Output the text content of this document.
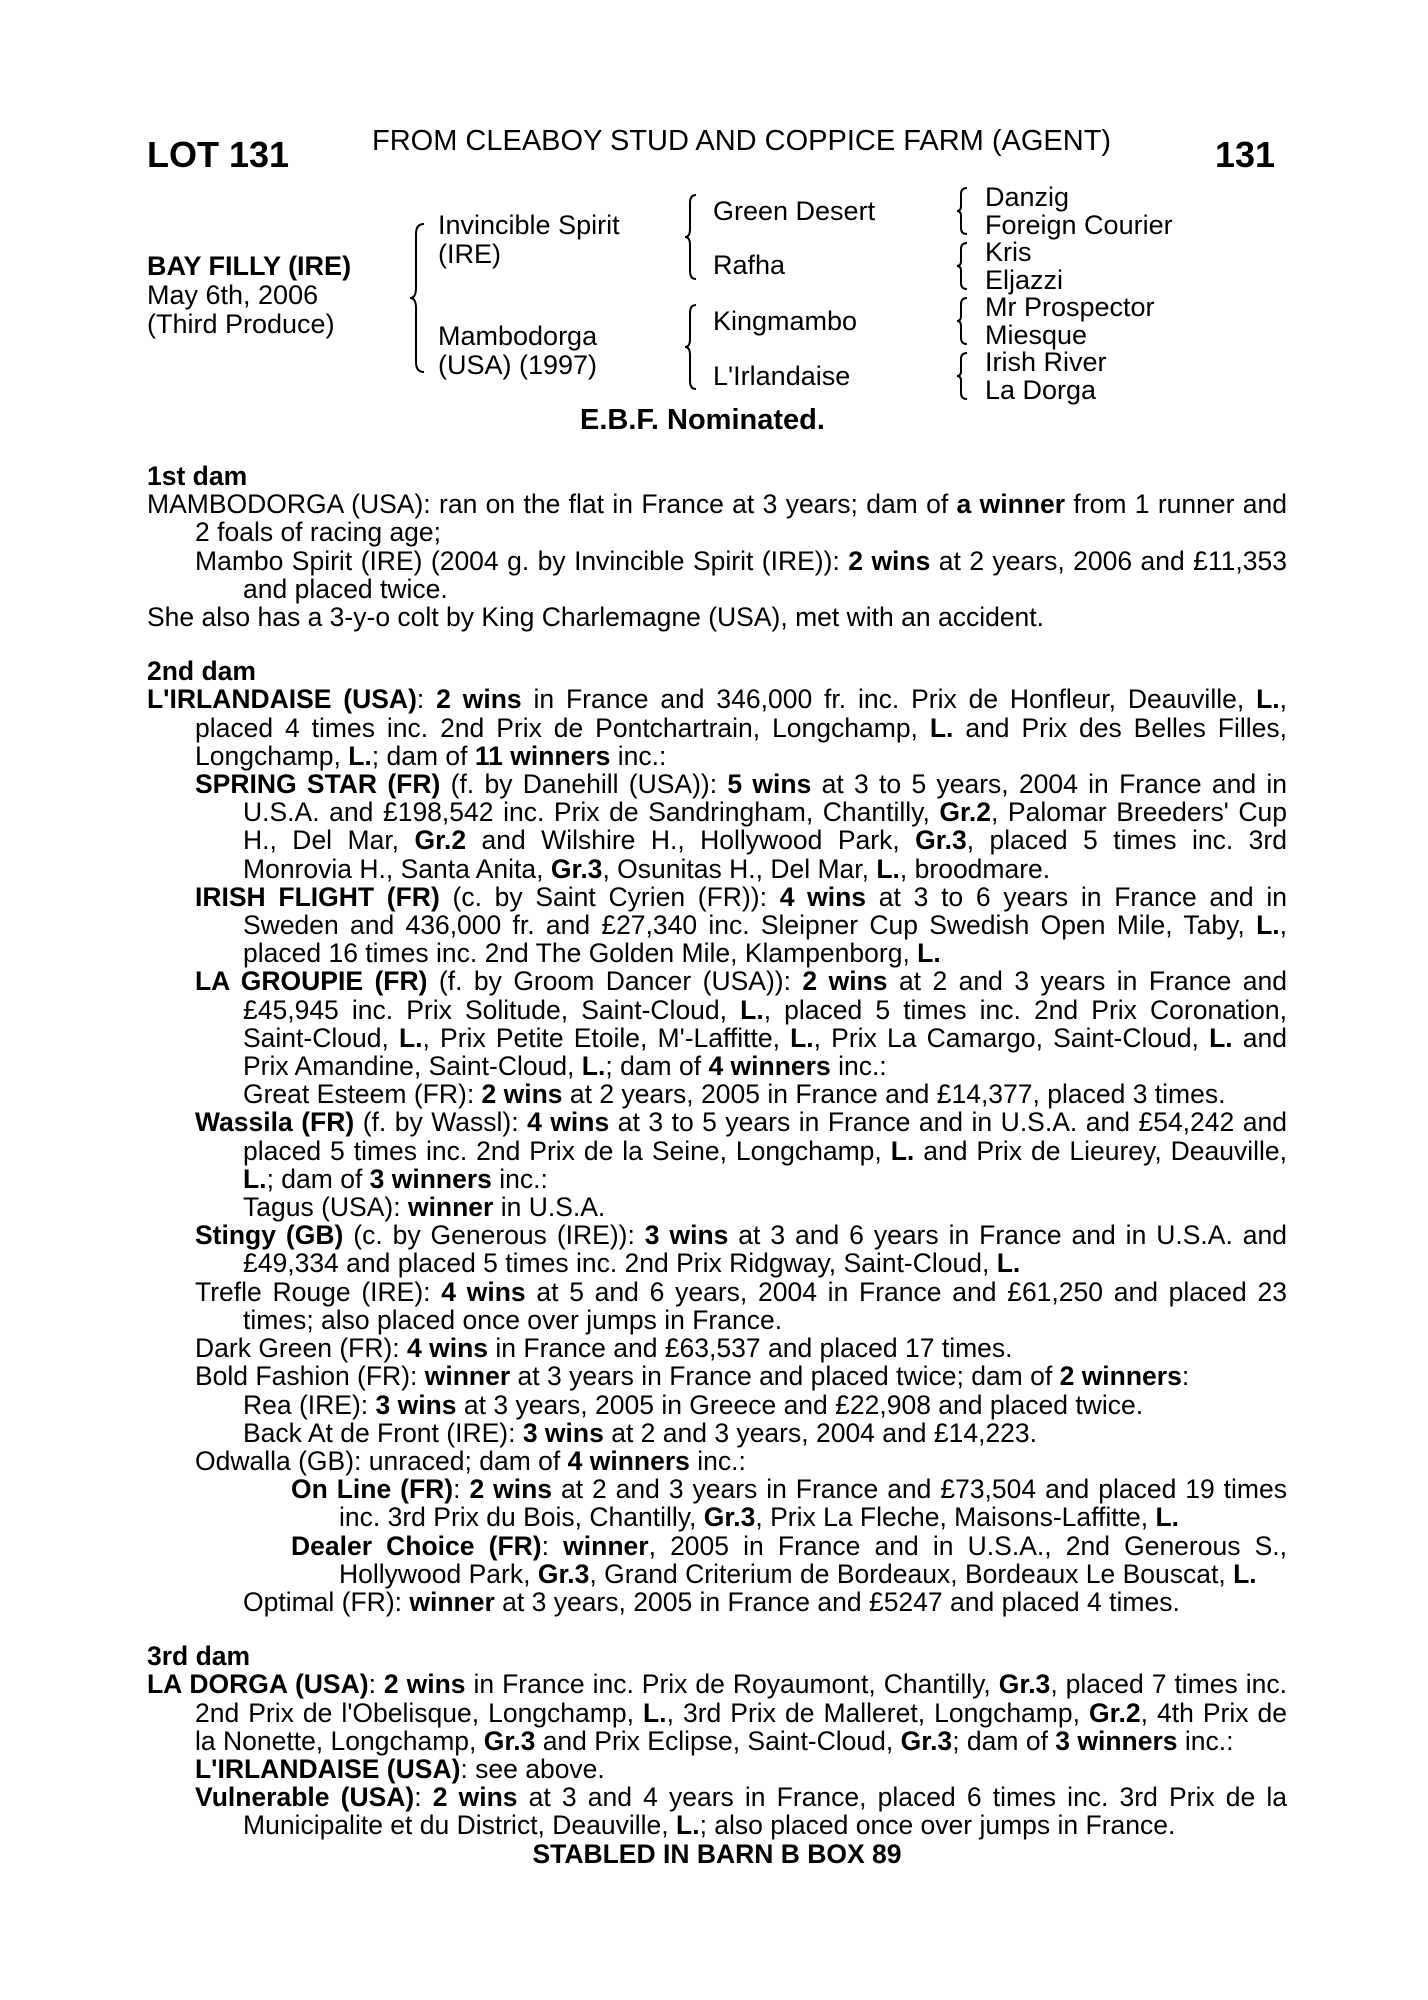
LOT 131	FROM CLEABOY STUD AND COPPICE FARM (AGENT)	131
BAY FILLY (IRE)
May 6th, 2006
(Third Produce)
Invincible Spirit
(IRE)
Mambodorga
(USA) (1997)
Green Desert
Rafha
Kingmambo
L'Irlandaise
Danzig
Foreign Courier
Kris
Eljazzi
Mr Prospector
Miesque
Irish River
La Dorga
E.B.F. Nominated.

1st dam

MAMBODORGA (USA): ran on the flat in France at 3 years; dam of a winner from 1 runner and 2 foals of racing age;

Mambo Spirit (IRE) (2004 g. by Invincible Spirit (IRE)): 2 wins at 2 years, 2006 and £11,353 and placed twice.

She also has a 3-y-o colt by King Charlemagne (USA), met with an accident.

2nd dam

L'IRLANDAISE (USA): 2 wins in France and 346,000 fr. inc. Prix de Honfleur, Deauville, L., placed 4 times inc. 2nd Prix de Pontchartrain, Longchamp, L. and Prix des Belles Filles, Longchamp, L.; dam of 11 winners inc.:

SPRING STAR (FR) (f. by Danehill (USA)): 5 wins at 3 to 5 years, 2004 in France and in U.S.A. and £198,542 inc. Prix de Sandringham, Chantilly, Gr.2, Palomar Breeders' Cup H., Del Mar, Gr.2 and Wilshire H., Hollywood Park, Gr.3, placed 5 times inc. 3rd Monrovia H., Santa Anita, Gr.3, Osunitas H., Del Mar, L., broodmare.

IRISH FLIGHT (FR) (c. by Saint Cyrien (FR)): 4 wins at 3 to 6 years in France and in Sweden and 436,000 fr. and £27,340 inc. Sleipner Cup Swedish Open Mile, Taby, L., placed 16 times inc. 2nd The Golden Mile, Klampenborg, L.

LA GROUPIE (FR) (f. by Groom Dancer (USA)): 2 wins at 2 and 3 years in France and £45,945 inc. Prix Solitude, Saint-Cloud, L., placed 5 times inc. 2nd Prix Coronation, Saint-Cloud, L., Prix Petite Etoile, M'-Laffitte, L., Prix La Camargo, Saint-Cloud, L. and Prix Amandine, Saint-Cloud, L.; dam of 4 winners inc.:

Great Esteem (FR): 2 wins at 2 years, 2005 in France and £14,377, placed 3 times.

Wassila (FR) (f. by Wassl): 4 wins at 3 to 5 years in France and in U.S.A. and £54,242 and placed 5 times inc. 2nd Prix de la Seine, Longchamp, L. and Prix de Lieurey, Deauville, L.; dam of 3 winners inc.:

Tagus (USA): winner in U.S.A.

Stingy (GB) (c. by Generous (IRE)): 3 wins at 3 and 6 years in France and in U.S.A. and £49,334 and placed 5 times inc. 2nd Prix Ridgway, Saint-Cloud, L.

Trefle Rouge (IRE): 4 wins at 5 and 6 years, 2004 in France and £61,250 and placed 23 times; also placed once over jumps in France.

Dark Green (FR): 4 wins in France and £63,537 and placed 17 times.

Bold Fashion (FR): winner at 3 years in France and placed twice; dam of 2 winners:

Rea (IRE): 3 wins at 3 years, 2005 in Greece and £22,908 and placed twice.

Back At de Front (IRE): 3 wins at 2 and 3 years, 2004 and £14,223.

Odwalla (GB): unraced; dam of 4 winners inc.:

On Line (FR): 2 wins at 2 and 3 years in France and £73,504 and placed 19 times inc. 3rd Prix du Bois, Chantilly, Gr.3, Prix La Fleche, Maisons-Laffitte, L.

Dealer Choice (FR): winner, 2005 in France and in U.S.A., 2nd Generous S., Hollywood Park, Gr.3, Grand Criterium de Bordeaux, Bordeaux Le Bouscat, L.

Optimal (FR): winner at 3 years, 2005 in France and £5247 and placed 4 times.

3rd dam

LA DORGA (USA): 2 wins in France inc. Prix de Royaumont, Chantilly, Gr.3, placed 7 times inc. 2nd Prix de l'Obelisque, Longchamp, L., 3rd Prix de Malleret, Longchamp, Gr.2, 4th Prix de la Nonette, Longchamp, Gr.3 and Prix Eclipse, Saint-Cloud, Gr.3; dam of 3 winners inc.:

L'IRLANDAISE (USA): see above.

Vulnerable (USA): 2 wins at 3 and 4 years in France, placed 6 times inc. 3rd Prix de la Municipalite et du District, Deauville, L.; also placed once over jumps in France.

STABLED IN BARN B BOX 89
